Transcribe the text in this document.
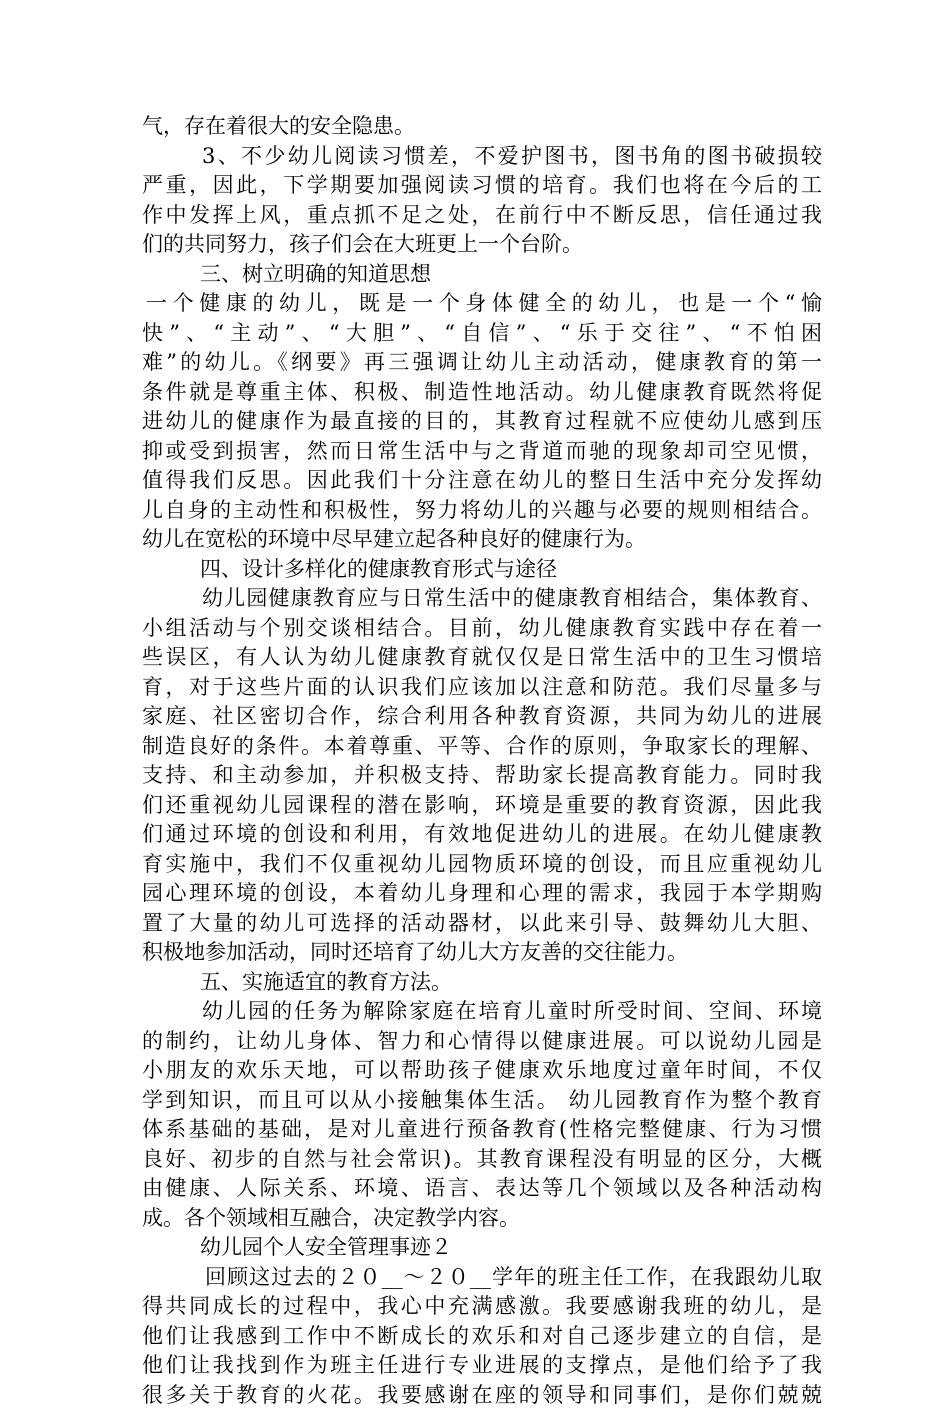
气，存在着很大的安全隐患。
3、不少幼儿阅读习惯差，不爱护图书，图书角的图书破损较
严重，因此，下学期要加强阅读习惯的培育。我们也将在今后的工
作中发挥上风，重点抓不足之处，在前行中不断反思，信任通过我
们的共同努力，孩子们会在大班更上一个台阶。
三、树立明确的知道思想
一个健康的幼儿，既是一个身体健全的幼儿，也是一个“愉
快”、“主动”、“大胆”、“自信”、“乐于交往”、“不怕困
难”的幼儿。《纲要》再三强调让幼儿主动活动，健康教育的第一
条件就是尊重主体、积极、制造性地活动。幼儿健康教育既然将促
进幼儿的健康作为最直接的目的，其教育过程就不应使幼儿感到压
抑或受到损害，然而日常生活中与之背道而驰的现象却司空见惯，
值得我们反思。因此我们十分注意在幼儿的整日生活中充分发挥幼
儿自身的主动性和积极性，努力将幼儿的兴趣与必要的规则相结合。
幼儿在宽松的环境中尽早建立起各种良好的健康行为。
四、设计多样化的健康教育形式与途径
幼儿园健康教育应与日常生活中的健康教育相结合，集体教育、
小组活动与个别交谈相结合。目前，幼儿健康教育实践中存在着一
些误区，有人认为幼儿健康教育就仅仅是日常生活中的卫生习惯培
育，对于这些片面的认识我们应该加以注意和防范。我们尽量多与
家庭、社区密切合作，综合利用各种教育资源，共同为幼儿的进展
制造良好的条件。本着尊重、平等、合作的原则，争取家长的理解、
支持、和主动参加，并积极支持、帮助家长提高教育能力。同时我
们还重视幼儿园课程的潜在影响，环境是重要的教育资源，因此我
们通过环境的创设和利用，有效地促进幼儿的进展。在幼儿健康教
育实施中，我们不仅重视幼儿园物质环境的创设，而且应重视幼儿
园心理环境的创设，本着幼儿身理和心理的需求，我园于本学期购
置了大量的幼儿可选择的活动器材，以此来引导、鼓舞幼儿大胆、
积极地参加活动，同时还培育了幼儿大方友善的交往能力。
五、实施适宜的教育方法。
幼儿园的任务为解除家庭在培育儿童时所受时间、空间、环境
的制约，让幼儿身体、智力和心情得以健康进展。可以说幼儿园是
小朋友的欢乐天地，可以帮助孩子健康欢乐地度过童年时间，不仅
学到知识，而且可以从小接触集体生活。 幼儿园教育作为整个教育
体系基础的基础，是对儿童进行预备教育(性格完整健康、行为习惯
良好、初步的自然与社会常识)。其教育课程没有明显的区分，大概
由健康、人际关系、环境、语言、表达等几个领域以及各种活动构
成。各个领域相互融合，决定教学内容。
幼儿园个人安全管理事迹２
回顾这过去的２０__～２０__学年的班主任工作，在我跟幼儿取
得共同成长的过程中，我心中充满感激。我要感谢我班的幼儿，是
他们让我感到工作中不断成长的欢乐和对自己逐步建立的自信，是
他们让我找到作为班主任进行专业进展的支撑点，是他们给予了我
很多关于教育的火花。我要感谢在座的领导和同事们，是你们兢兢
